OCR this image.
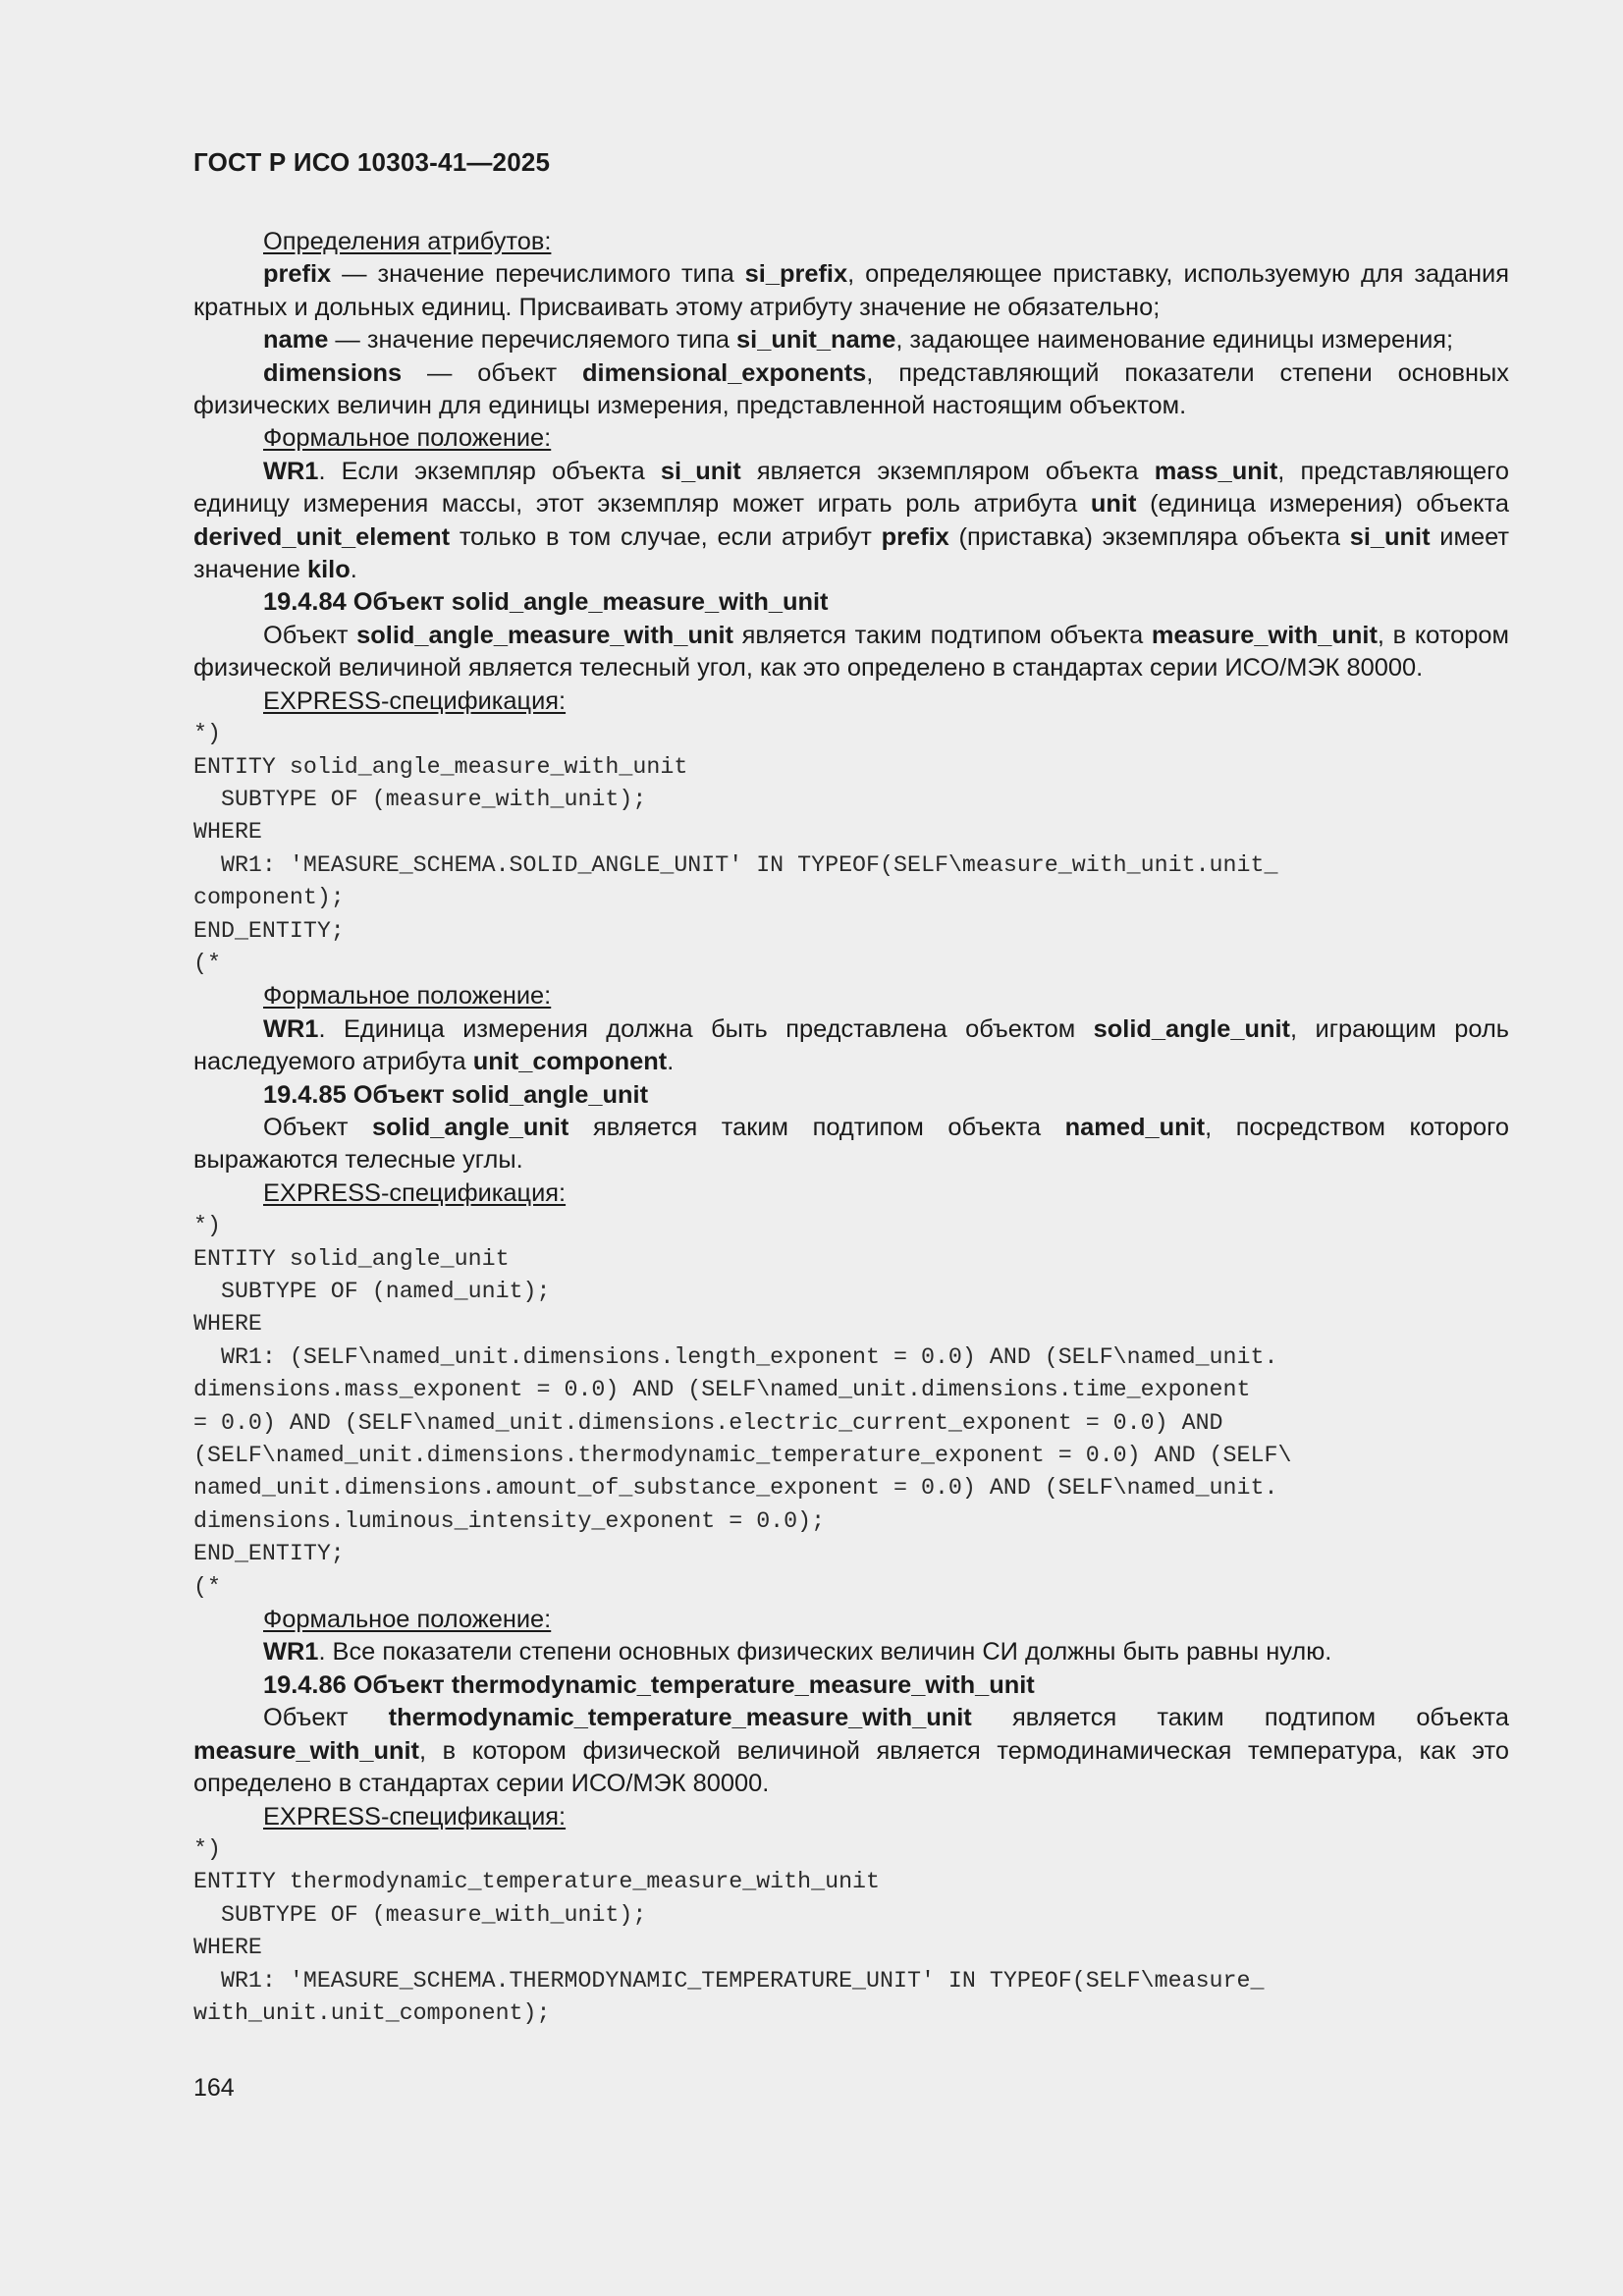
ГОСТ Р ИСО 10303-41—2025

Определения атрибутов:

prefix — значение перечислимого типа si_prefix, определяющее приставку, используемую для задания кратных и дольных единиц. Присваивать этому атрибуту значение не обязательно;

name — значение перечисляемого типа si_unit_name, задающее наименование единицы измерения;

dimensions — объект dimensional_exponents, представляющий показатели степени основных физических величин для единицы измерения, представленной настоящим объектом.

Формальное положение:

WR1. Если экземпляр объекта si_unit является экземпляром объекта mass_unit, представляющего единицу измерения массы, этот экземпляр может играть роль атрибута unit (единица измерения) объекта derived_unit_element только в том случае, если атрибут prefix (приставка) экземпляра объекта si_unit имеет значение kilo.

19.4.84 Объект solid_angle_measure_with_unit

Объект solid_angle_measure_with_unit является таким подтипом объекта measure_with_unit, в котором физической величиной является телесный угол, как это определено в стандартах серии ИСО/МЭК 80000.

EXPRESS-спецификация:

*)
ENTITY solid_angle_measure_with_unit
SUBTYPE OF (measure_with_unit);
WHERE
WR1: 'MEASURE_SCHEMA.SOLID_ANGLE_UNIT' IN TYPEOF(SELF\measure_with_unit.unit_
component);
END_ENTITY;
(*

Формальное положение:

WR1. Единица измерения должна быть представлена объектом solid_angle_unit, играющим роль наследуемого атрибута unit_component.

19.4.85 Объект solid_angle_unit

Объект solid_angle_unit является таким подтипом объекта named_unit, посредством которого выражаются телесные углы.

EXPRESS-спецификация:

*)
ENTITY solid_angle_unit
SUBTYPE OF (named_unit);
WHERE
WR1: (SELF\named_unit.dimensions.length_exponent = 0.0) AND (SELF\named_unit.
dimensions.mass_exponent = 0.0) AND (SELF\named_unit.dimensions.time_exponent
= 0.0) AND (SELF\named_unit.dimensions.electric_current_exponent = 0.0) AND
(SELF\named_unit.dimensions.thermodynamic_temperature_exponent = 0.0) AND (SELF\
named_unit.dimensions.amount_of_substance_exponent = 0.0) AND (SELF\named_unit.
dimensions.luminous_intensity_exponent = 0.0);
END_ENTITY;
(*

Формальное положение:

WR1. Все показатели степени основных физических величин СИ должны быть равны нулю.

19.4.86 Объект thermodynamic_temperature_measure_with_unit

Объект thermodynamic_temperature_measure_with_unit является таким подтипом объекта measure_with_unit, в котором физической величиной является термодинамическая температура, как это определено в стандартах серии ИСО/МЭК 80000.

EXPRESS-спецификация:

*)
ENTITY thermodynamic_temperature_measure_with_unit
SUBTYPE OF (measure_with_unit);
WHERE
WR1: 'MEASURE_SCHEMA.THERMODYNAMIC_TEMPERATURE_UNIT' IN TYPEOF(SELF\measure_
with_unit.unit_component);
164
